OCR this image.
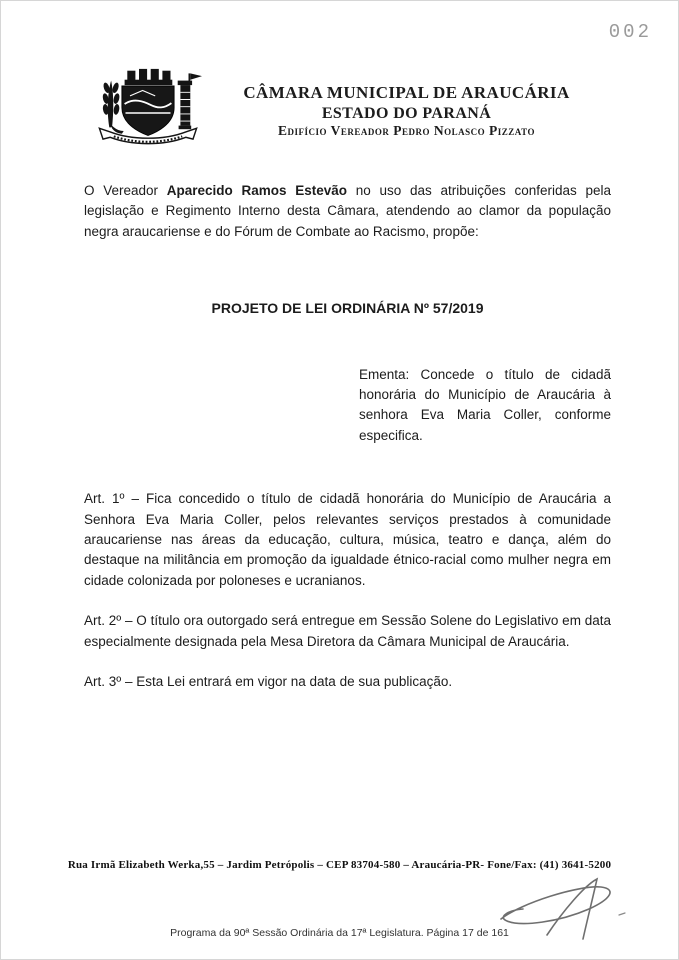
002
CÂMARA MUNICIPAL DE ARAUCÁRIA
ESTADO DO PARANÁ
Edifício Vereador Pedro Nolasco Pizzato

O Vereador Aparecido Ramos Estevão no uso das atribuições conferidas pela legislação e Regimento Interno desta Câmara, atendendo ao clamor da população negra araucariense e do Fórum de Combate ao Racismo, propõe:

PROJETO DE LEI ORDINÁRIA Nº 57/2019

Ementa: Concede o título de cidadã honorária do Município de Araucária à senhora Eva Maria Coller, conforme especifica.

Art. 1º – Fica concedido o título de cidadã honorária do Município de Araucária a Senhora Eva Maria Coller, pelos relevantes serviços prestados à comunidade araucariense nas áreas da educação, cultura, música, teatro e dança, além do destaque na militância em promoção da igualdade étnico-racial como mulher negra em cidade colonizada por poloneses e ucranianos.

Art. 2º – O título ora outorgado será entregue em Sessão Solene do Legislativo em data especialmente designada pela Mesa Diretora da Câmara Municipal de Araucária.

Art. 3º – Esta Lei entrará em vigor na data de sua publicação.

Rua Irmã Elizabeth Werka,55 – Jardim Petrópolis – CEP 83704-580 – Araucária-PR- Fone/Fax: (41) 3641-5200
Programa da 90ª Sessão Ordinária da 17ª Legislatura. Página 17 de 161
